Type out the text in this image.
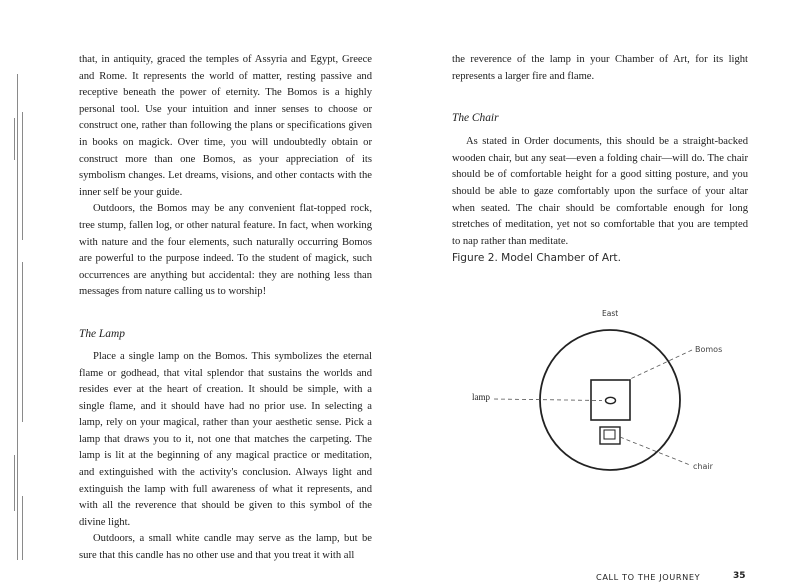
that, in antiquity, graced the temples of Assyria and Egypt, Greece and Rome. It represents the world of matter, resting passive and receptive beneath the power of eternity. The Bomos is a highly personal tool. Use your intuition and inner senses to choose or construct one, rather than following the plans or specifications given in books on magick. Over time, you will undoubtedly obtain or construct more than one Bomos, as your appreciation of its symbolism changes. Let dreams, visions, and other contacts with the inner self be your guide.

Outdoors, the Bomos may be any convenient flat-topped rock, tree stump, fallen log, or other natural feature. In fact, when working with nature and the four elements, such naturally occurring Bomos are powerful to the purpose indeed. To the student of magick, such occurrences are anything but accidental: they are nothing less than messages from nature calling us to worship!

The Lamp

Place a single lamp on the Bomos. This symbolizes the eternal flame or godhead, that vital splendor that sustains the worlds and resides ever at the heart of creation. It should be simple, with a single flame, and it should have had no prior use. In selecting a lamp, rely on your magical, rather than your aesthetic sense. Pick a lamp that draws you to it, not one that matches the carpeting. The lamp is lit at the beginning of any magical practice or meditation, and extinguished with the activity's conclusion. Always light and extinguish the lamp with full awareness of what it represents, and with all the reverence that should be given to this symbol of the divine light.

Outdoors, a small white candle may serve as the lamp, but be sure that this candle has no other use and that you treat it with all

the reverence of the lamp in your Chamber of Art, for its light represents a larger fire and flame.

The Chair

As stated in Order documents, this should be a straight-backed wooden chair, but any seat—even a folding chair—will do. The chair should be of comfortable height for a good sitting posture, and you should be able to gaze comfortably upon the surface of your altar when seated. The chair should be comfortable enough for long stretches of meditation, yet not so comfortable that you are tempted to nap rather than meditate.

Figure 2. Model Chamber of Art.

East
Bomos
lamp
chair
CALL TO THE JOURNEY	35
